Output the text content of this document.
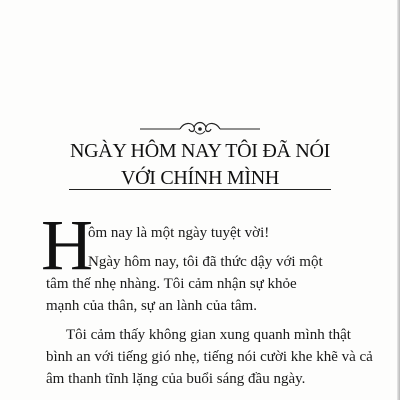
NGÀY HÔM NAY TÔI ĐÃ NÓI
VỚI CHÍNH MÌNH
H
ôm nay là một ngày tuyệt vời!
Ngày hôm nay, tôi đã thức dậy với một
tâm thế nhẹ nhàng. Tôi cảm nhận sự khỏe
mạnh của thân, sự an lành của tâm.
Tôi cảm thấy không gian xung quanh mình thật
bình an với tiếng gió nhẹ, tiếng nói cười khe khẽ và cả
âm thanh tĩnh lặng của buổi sáng đầu ngày.
